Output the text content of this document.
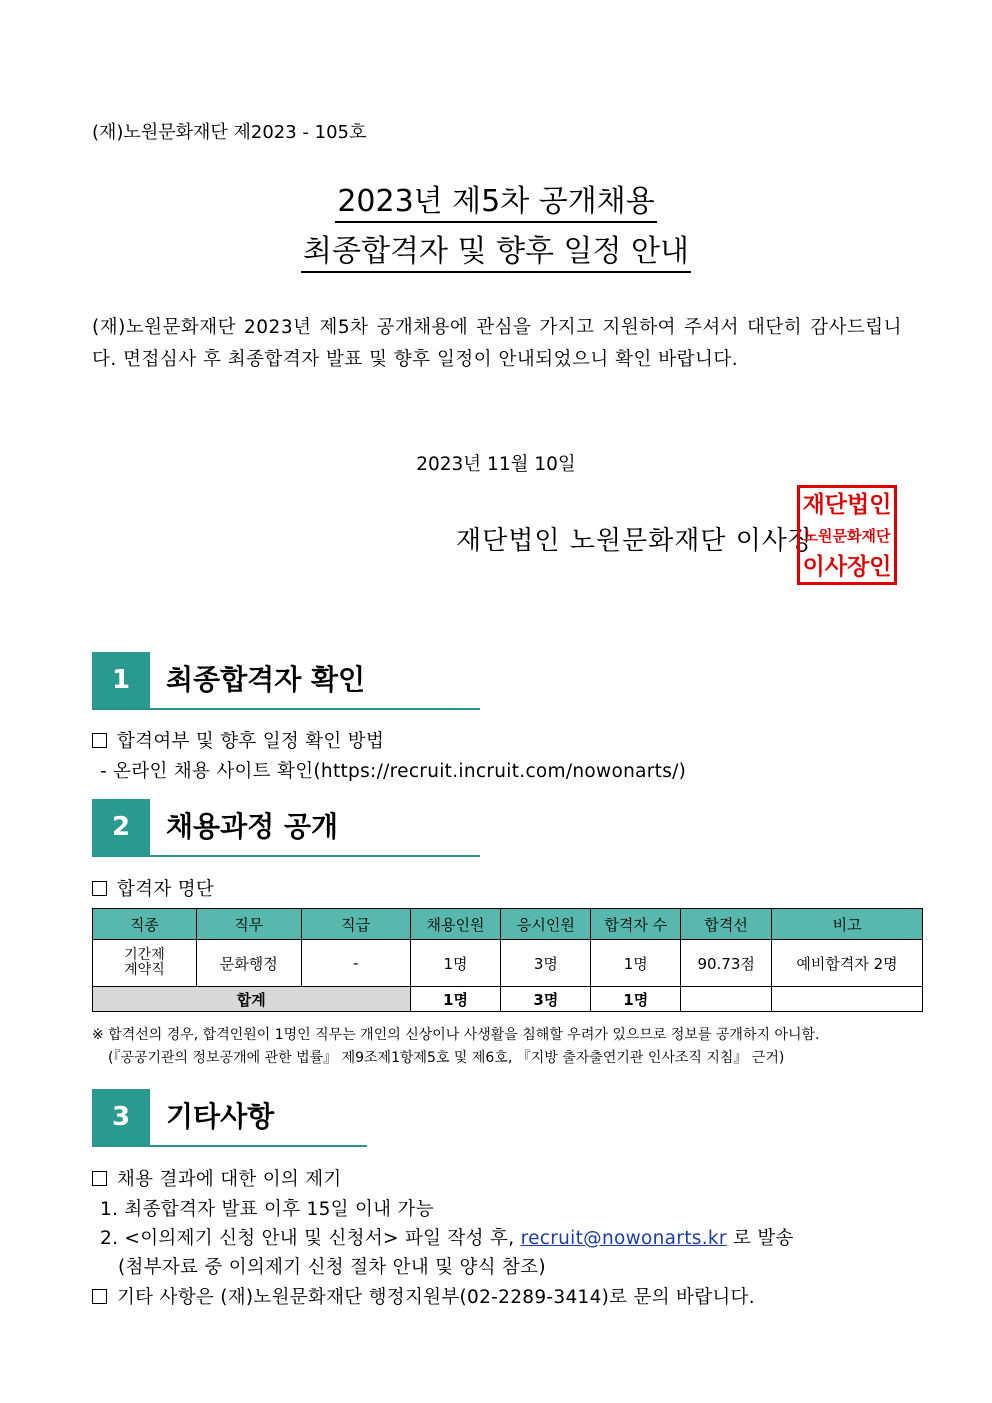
(재)노원문화재단 제2023 - 105호
2023년 제5차 공개채용
최종합격자 및 향후 일정 안내
(재)노원문화재단 2023년 제5차 공개채용에 관심을 가지고 지원하여 주셔서 대단히 감사드립니다. 면접심사 후 최종합격자 발표 및 향후 일정이 안내되었으니 확인 바랍니다.
2023년 11월 10일
재단법인 노원문화재단 이사장
재단법인
노원문화재단
이사장인
1	최종합격자 확인
합격여부 및 향후 일정 확인 방법
- 온라인 채용 사이트 확인(https://recruit.incruit.com/nowonarts/)
2	채용과정 공개
합격자 명단
직종	직무	직급	채용인원	응시인원	합격자 수	합격선	비고

기간제
계약직	문화행정	-	1명	3명	1명	90.73점	예비합격자 2명
합계			1명	3명	1명		
※ 합격선의 경우, 합격인원이 1명인 직무는 개인의 신상이나 사생활을 침해할 우려가 있으므로 정보를 공개하지 아니함.
(『공공기관의 정보공개에 관한 법률』 제9조제1항제5호 및 제6호, 『지방 출자출연기관 인사조직 지침』 근거)
3	기타사항
채용 결과에 대한 이의 제기
1. 최종합격자 발표 이후 15일 이내 가능
2. <이의제기 신청 안내 및 신청서> 파일 작성 후, recruit@nowonarts.kr 로 발송
(첨부자료 중 이의제기 신청 절차 안내 및 양식 참조)
기타 사항은 (재)노원문화재단 행정지원부(02-2289-3414)로 문의 바랍니다.
